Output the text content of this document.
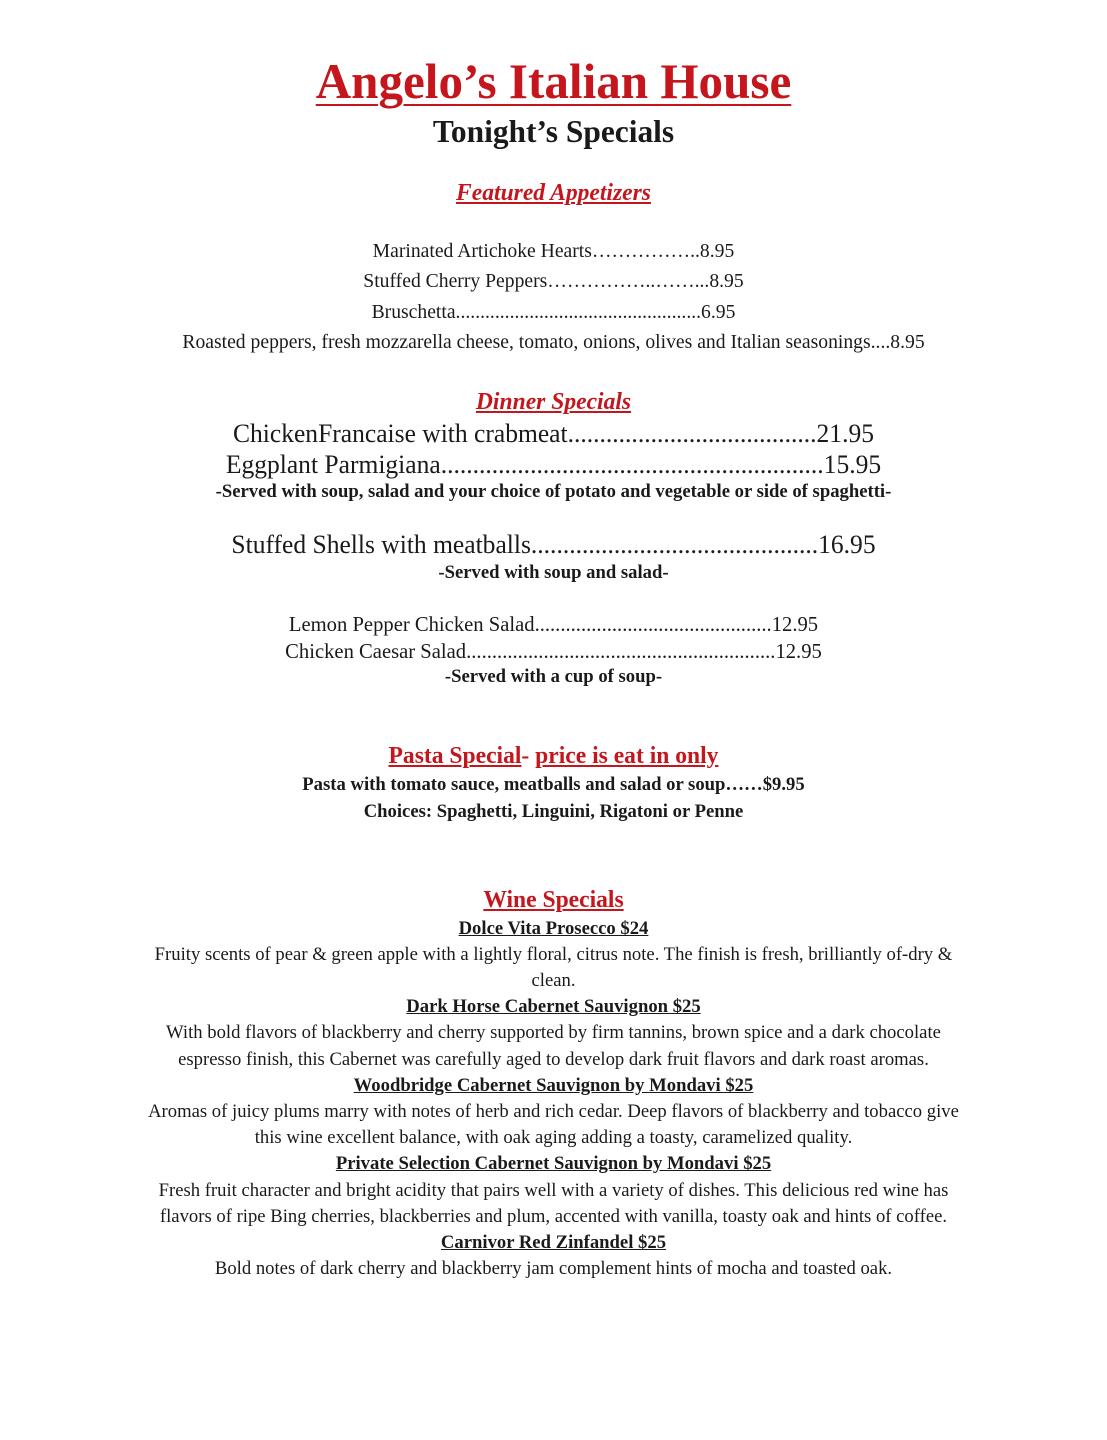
Angelo’s Italian House
Tonight’s Specials
Featured Appetizers
Marinated Artichoke Hearts……………..8.95
Stuffed Cherry Peppers……………..……...8.95
Bruschetta..................................................6.95
Roasted peppers, fresh mozzarella cheese, tomato, onions, olives and Italian seasonings....8.95
Dinner Specials
ChickenFrancaise with crabmeat.......................................21.95
Eggplant Parmigiana............................................................15.95
-Served with soup, salad and your choice of potato and vegetable or side of spaghetti-
Stuffed Shells with meatballs.............................................16.95
-Served with soup and salad-
Lemon Pepper Chicken Salad..............................................12.95
Chicken Caesar Salad............................................................12.95
-Served with a cup of soup-
Pasta Special- price is eat in only
Pasta with tomato sauce, meatballs and salad or soup……$9.95
Choices: Spaghetti, Linguini, Rigatoni or Penne
Wine Specials
Dolce Vita Prosecco $24
Fruity scents of pear & green apple with a lightly floral, citrus note. The finish is fresh, brilliantly of-dry &
clean.
Dark Horse Cabernet Sauvignon $25
With bold flavors of blackberry and cherry supported by firm tannins, brown spice and a dark chocolate
espresso finish, this Cabernet was carefully aged to develop dark fruit flavors and dark roast aromas.
Woodbridge Cabernet Sauvignon by Mondavi $25
Aromas of juicy plums marry with notes of herb and rich cedar. Deep flavors of blackberry and tobacco give
this wine excellent balance, with oak aging adding a toasty, caramelized quality.
Private Selection Cabernet Sauvignon by Mondavi $25
Fresh fruit character and bright acidity that pairs well with a variety of dishes. This delicious red wine has
flavors of ripe Bing cherries, blackberries and plum, accented with vanilla, toasty oak and hints of coffee.
Carnivor Red Zinfandel $25
Bold notes of dark cherry and blackberry jam complement hints of mocha and toasted oak.
